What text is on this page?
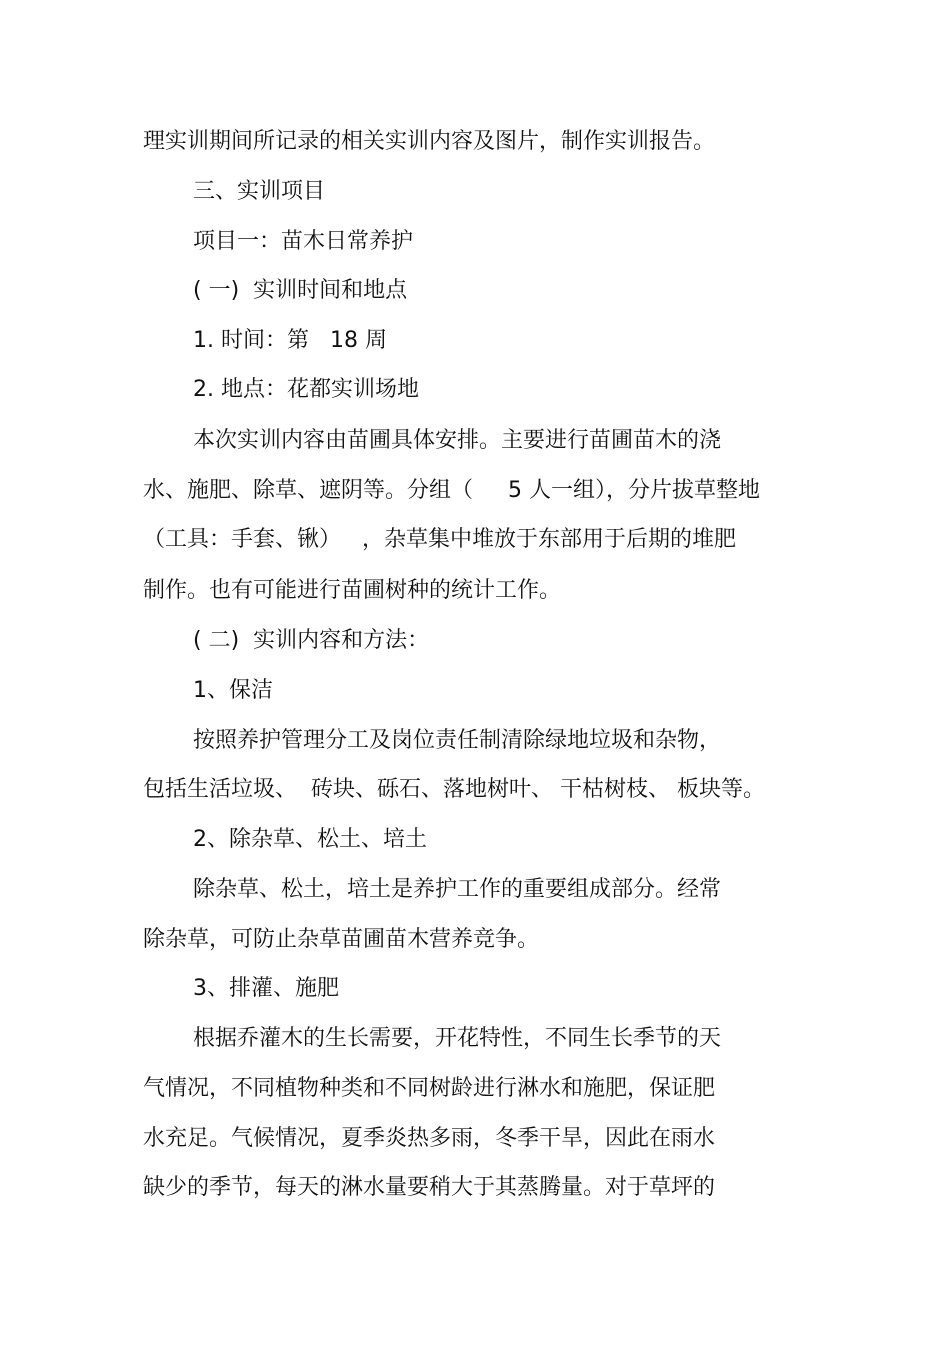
理实训期间所记录的相关实训内容及图片，制作实训报告。
三、实训项目
项目一：苗木日常养护
( 一)  实训时间和地点
1. 时间：第   18 周
2. 地点：花都实训场地
本次实训内容由苗圃具体安排。主要进行苗圃苗木的浇
水、施肥、除草、遮阴等。分组（     5 人一组），分片拔草整地
（工具：手套、锹）   ，杂草集中堆放于东部用于后期的堆肥
制作。也有可能进行苗圃树种的统计工作。
( 二)  实训内容和方法：
1、保洁
按照养护管理分工及岗位责任制清除绿地垃圾和杂物，
包括生活垃圾、  砖块、砾石、落地树叶、 干枯树枝、 板块等。
2、除杂草、松土、培土
除杂草、松土，培土是养护工作的重要组成部分。经常
除杂草，可防止杂草苗圃苗木营养竞争。
3、排灌、施肥
根据乔灌木的生长需要，开花特性，不同生长季节的天
气情况，不同植物种类和不同树龄进行淋水和施肥，保证肥
水充足。气候情况，夏季炎热多雨，冬季干旱，因此在雨水
缺少的季节，每天的淋水量要稍大于其蒸腾量。对于草坪的
